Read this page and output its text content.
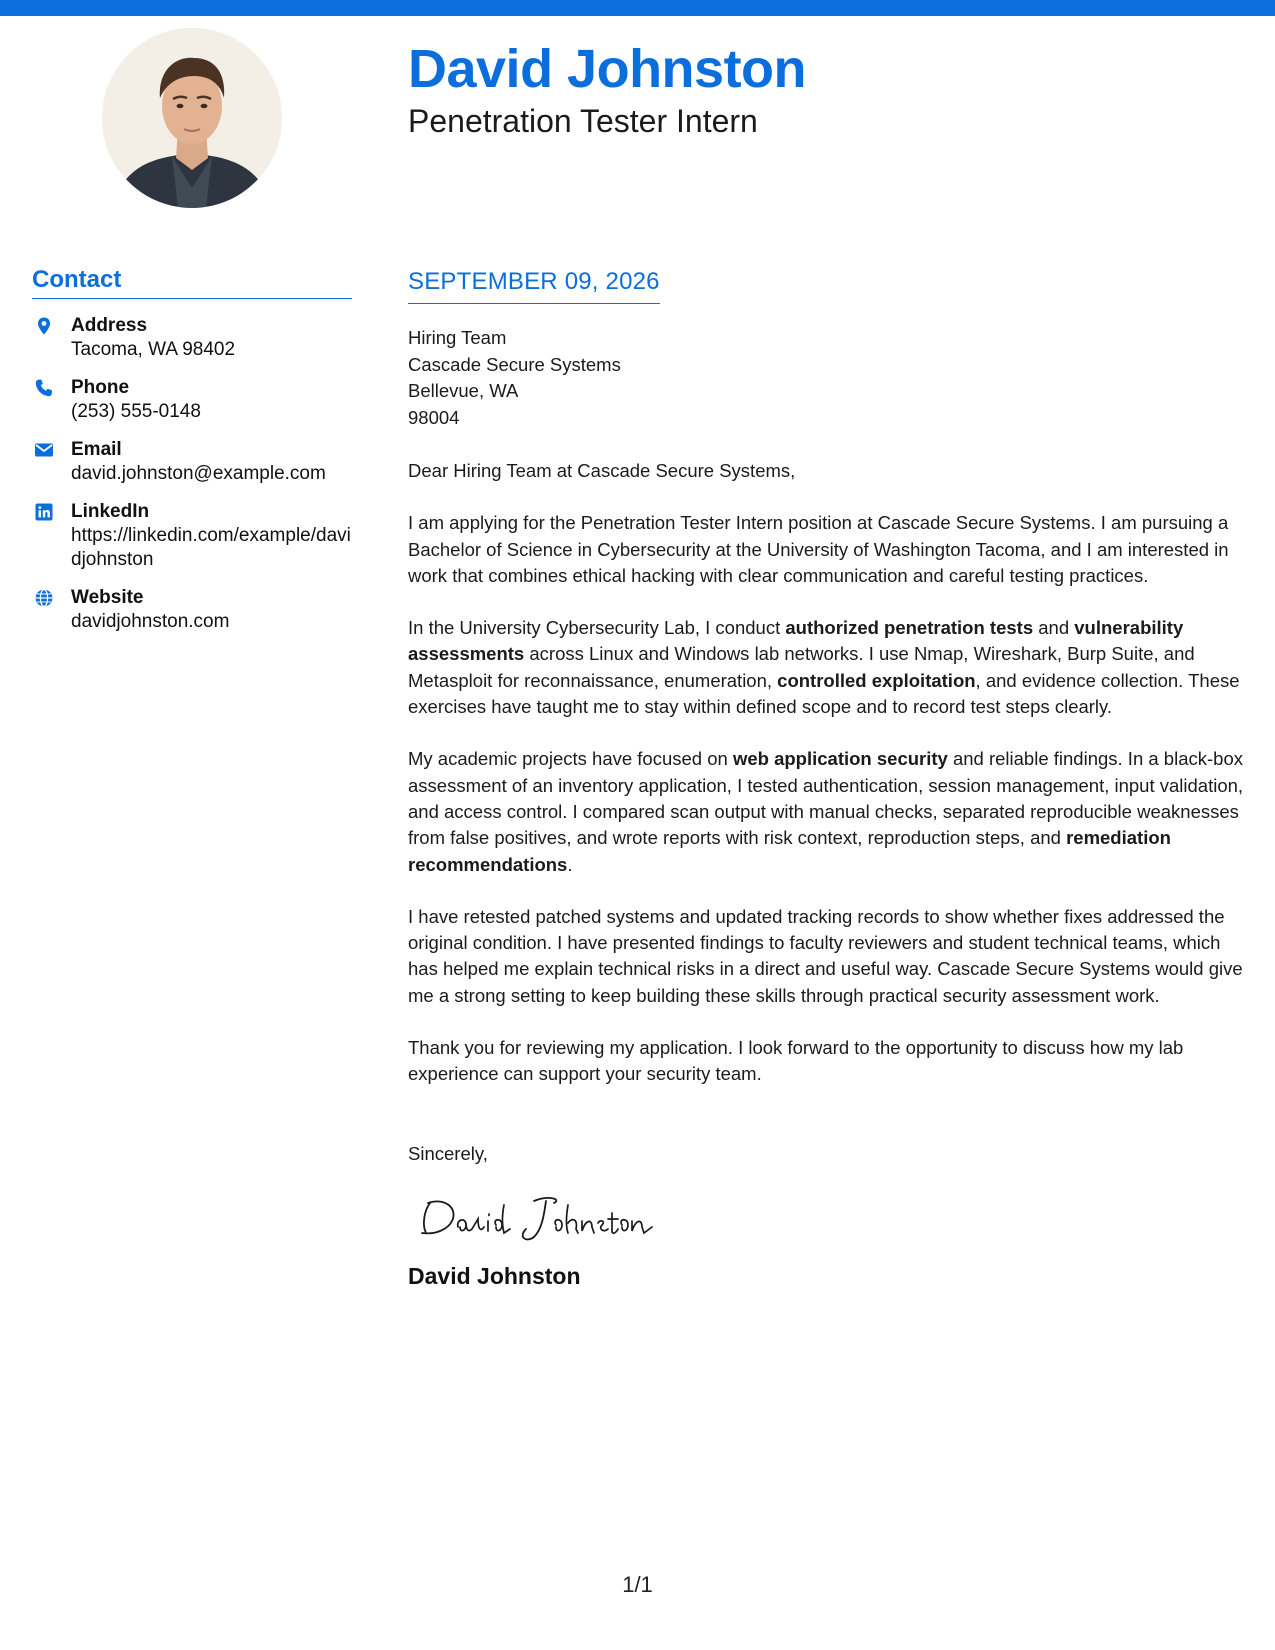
David Johnston
Penetration Tester Intern
Contact
Address
Tacoma, WA 98402
Phone
(253) 555-0148
Email
david.johnston@example.com
LinkedIn
https://linkedin.com/example/davidjohnston
Website
davidjohnston.com
SEPTEMBER 09, 2026
Hiring Team
Cascade Secure Systems
Bellevue, WA
98004

Dear Hiring Team at Cascade Secure Systems,

I am applying for the Penetration Tester Intern position at Cascade Secure Systems. I am pursuing a Bachelor of Science in Cybersecurity at the University of Washington Tacoma, and I am interested in work that combines ethical hacking with clear communication and careful testing practices.

In the University Cybersecurity Lab, I conduct authorized penetration tests and vulnerability assessments across Linux and Windows lab networks. I use Nmap, Wireshark, Burp Suite, and Metasploit for reconnaissance, enumeration, controlled exploitation, and evidence collection. These exercises have taught me to stay within defined scope and to record test steps clearly.

My academic projects have focused on web application security and reliable findings. In a black-box assessment of an inventory application, I tested authentication, session management, input validation, and access control. I compared scan output with manual checks, separated reproducible weaknesses from false positives, and wrote reports with risk context, reproduction steps, and remediation recommendations.

I have retested patched systems and updated tracking records to show whether fixes addressed the original condition. I have presented findings to faculty reviewers and student technical teams, which has helped me explain technical risks in a direct and useful way. Cascade Secure Systems would give me a strong setting to keep building these skills through practical security assessment work.

Thank you for reviewing my application. I look forward to the opportunity to discuss how my lab experience can support your security team.

Sincerely,
David Johnston
1/1
